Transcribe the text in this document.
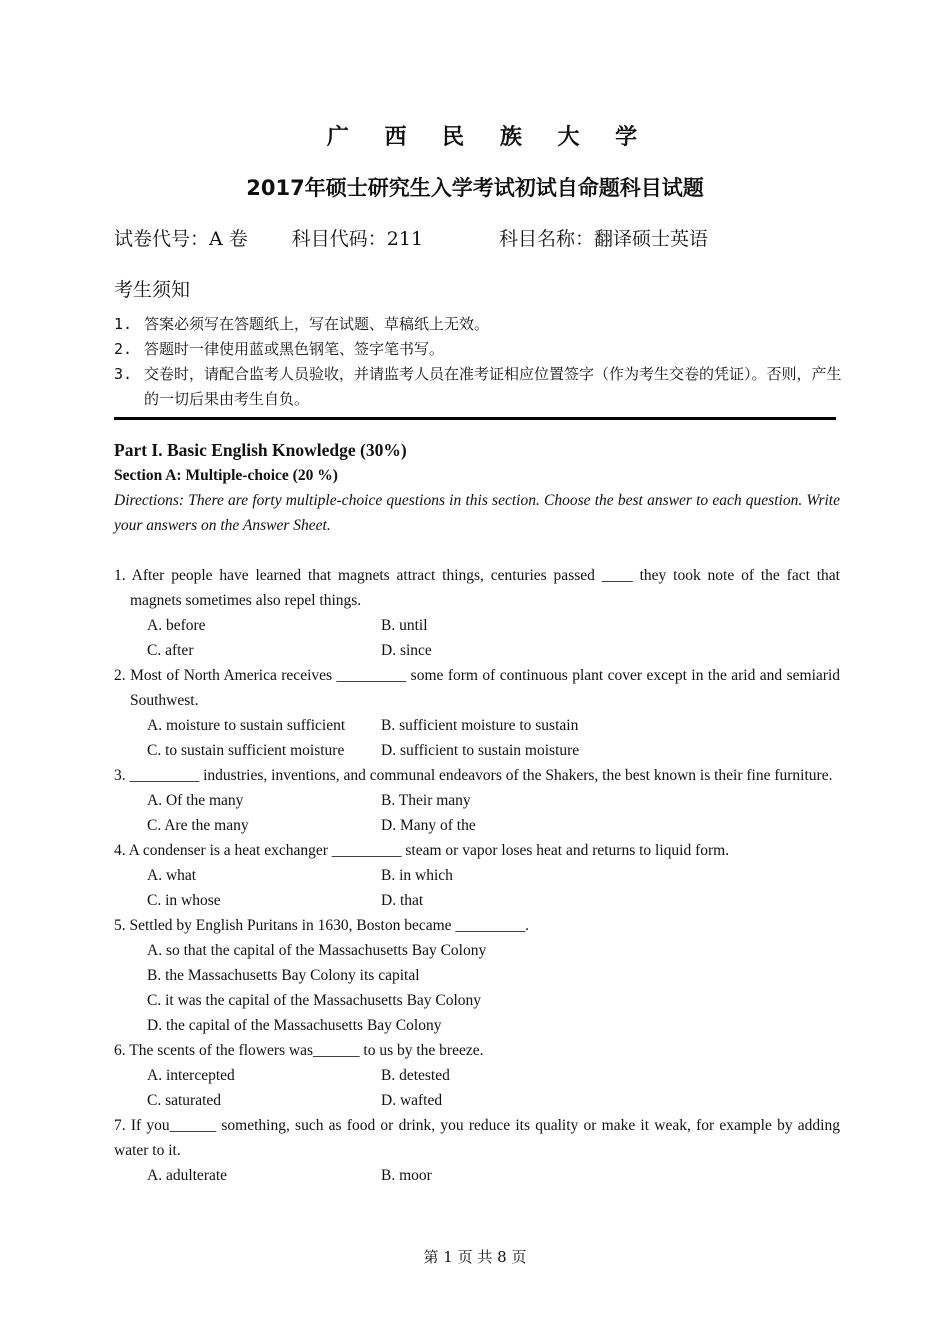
广 西 民 族 大 学
2017年硕士研究生入学考试初试自命题科目试题
试卷代号：A 卷 科目代码：211	科目名称：翻译硕士英语
考生须知
1. 答案必须写在答题纸上，写在试题、草稿纸上无效。
2. 答题时一律使用蓝或黑色钢笔、签字笔书写。
3. 交卷时，请配合监考人员验收，并请监考人员在准考证相应位置签字（作为考生交卷的凭证）。否则，产生的一切后果由考生自负。
Part I. Basic English Knowledge (30%)
Section A: Multiple-choice (20 %)
Directions: There are forty multiple-choice questions in this section. Choose the best answer to each question. Write your answers on the Answer Sheet.
1. After people have learned that magnets attract things, centuries passed ____ they took note of the fact that magnets sometimes also repel things.
A. before	B. until
C. after	D. since
2. Most of North America receives _________ some form of continuous plant cover except in the arid and semiarid Southwest.
A. moisture to sustain sufficient B. sufficient moisture to sustain
C. to sustain sufficient moisture D. sufficient to sustain moisture
3. _________ industries, inventions, and communal endeavors of the Shakers, the best known is their fine furniture.
A. Of the many	B. Their many
C. Are the many	D. Many of the
4. A condenser is a heat exchanger _________ steam or vapor loses heat and returns to liquid form.
A. what	B. in which
C. in whose	D. that
5. Settled by English Puritans in 1630, Boston became _________.
A. so that the capital of the Massachusetts Bay Colony
B. the Massachusetts Bay Colony its capital
C. it was the capital of the Massachusetts Bay Colony
D. the capital of the Massachusetts Bay Colony
6. The scents of the flowers was______ to us by the breeze.
A. intercepted	B. detested
C. saturated	D. wafted
7. If you______ something, such as food or drink, you reduce its quality or make it weak, for example by adding water to it.
A. adulterate	B. moor
第 1 页 共 8 页
